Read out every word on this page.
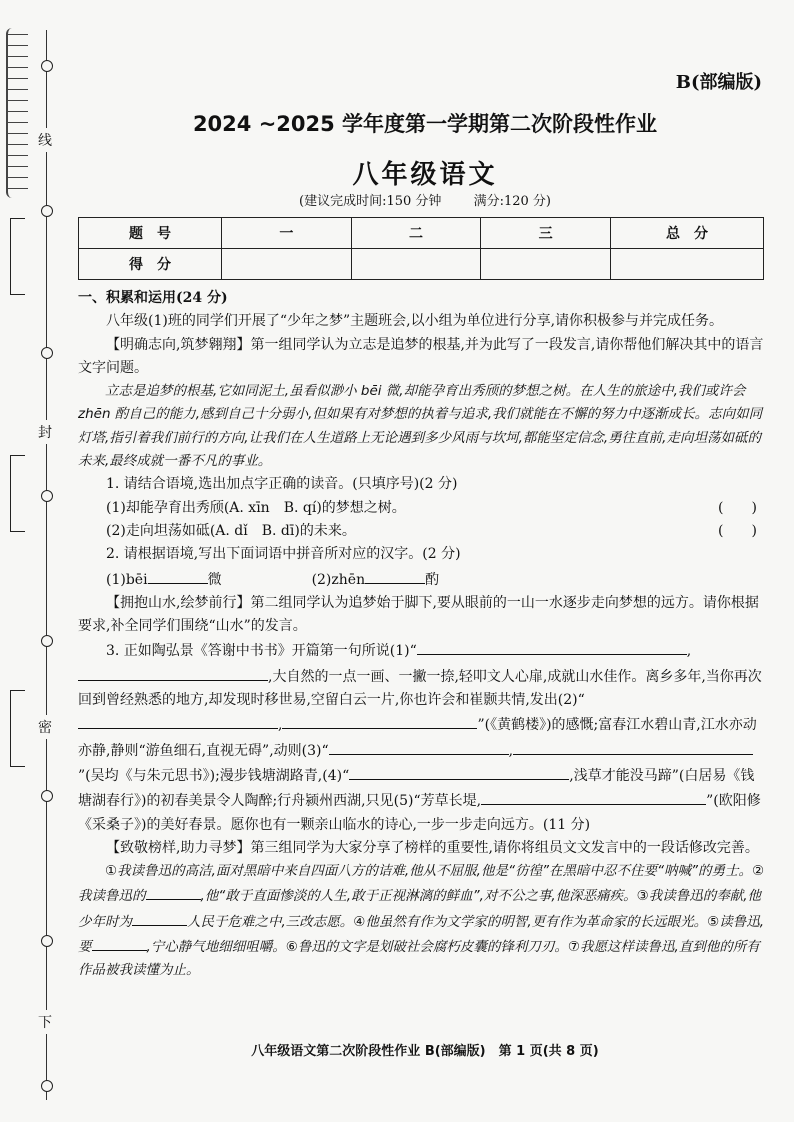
线
封
密
下
B(部编版)
2024 ~2025 学年度第一学期第二次阶段性作业
八年级语文
(建议完成时间:150 分钟 满分:120 分)
题　号	一	二	三	总　分
得　分				

一、积累和运用(24 分)

八年级(1)班的同学们开展了“少年之梦”主题班会,以小组为单位进行分享,请你积极参与并完成任务。

【明确志向,筑梦翱翔】第一组同学认为立志是追梦的根基,并为此写了一段发言,请你帮他们解决其中的语言文字问题。

立志是追梦的根基,它如同泥土,虽看似渺小 bēi 微,却能孕育出秀颀的梦想之树。在人生的旅途中,我们或许会 zhēn 酌自己的能力,感到自己十分弱小,但如果有对梦想的执着与追求,我们就能在不懈的努力中逐渐成长。志向如同灯塔,指引着我们前行的方向,让我们在人生道路上无论遇到多少风雨与坎坷,都能坚定信念,勇往直前,走向坦荡如砥的未来,最终成就一番不凡的事业。

1. 请结合语境,选出加点字正确的读音。(只填序号)(2 分)

(1)却能孕育出秀颀(A. xīn　B. qí)的梦想之树。	(　　)
(2)走向坦荡如砥(A. dǐ　B. dī)的未来。	(　　)

2. 请根据语境,写出下面词语中拼音所对应的汉字。(2 分)

(1)bēi	微	(2)zhēn	酌

【拥抱山水,绘梦前行】第二组同学认为追梦始于脚下,要从眼前的一山一水逐步走向梦想的远方。请你根据要求,补全同学们围绕“山水”的发言。

3. 正如陶弘景《答谢中书书》开篇第一句所说(1)“	,,大自然的一点一画、一撇一捺,轻叩文人心扉,成就山水佳作。离乡多年,当你再次回到曾经熟悉的地方,却发现时移世易,空留白云一片,你也许会和崔颢共情,发出(2)“,	”(《黄鹤楼》)的感慨;富春江水碧山青,江水亦动亦静,静则“游鱼细石,直视无碍”,动则(3)“	,”(吴均《与朱元思书》);漫步钱塘湖路青,(4)“	,浅草才能没马蹄”(白居易《钱塘湖春行》)的初春美景令人陶醉;行舟颍州西湖,只见(5)“芳草长堤,	”(欧阳修《采桑子》)的美好春景。愿你也有一颗亲山临水的诗心,一步一步走向远方。(11 分)

【致敬榜样,助力寻梦】第三组同学为大家分享了榜样的重要性,请你将组员文文发言中的一段话修改完善。

①我读鲁迅的高洁,面对黑暗中来自四面八方的诘难,他从不屈服,他是“彷徨”在黑暗中忍不住要“呐喊”的勇士。②我读鲁迅的	,他“敢于直面惨淡的人生,敢于正视淋漓的鲜血”,对不公之事,他深恶痛疾。③我读鲁迅的奉献,他少年时为	人民于危难之中,三改志愿。④他虽然有作为文学家的明智,更有作为革命家的长远眼光。⑤读鲁迅,要	,宁心静气地细细咀嚼。⑥鲁迅的文字是划破社会腐朽皮囊的锋利刀刃。⑦我愿这样读鲁迅,直到他的所有作品被我读懂为止。

八年级语文第二次阶段性作业 B(部编版)　第 1 页(共 8 页)
